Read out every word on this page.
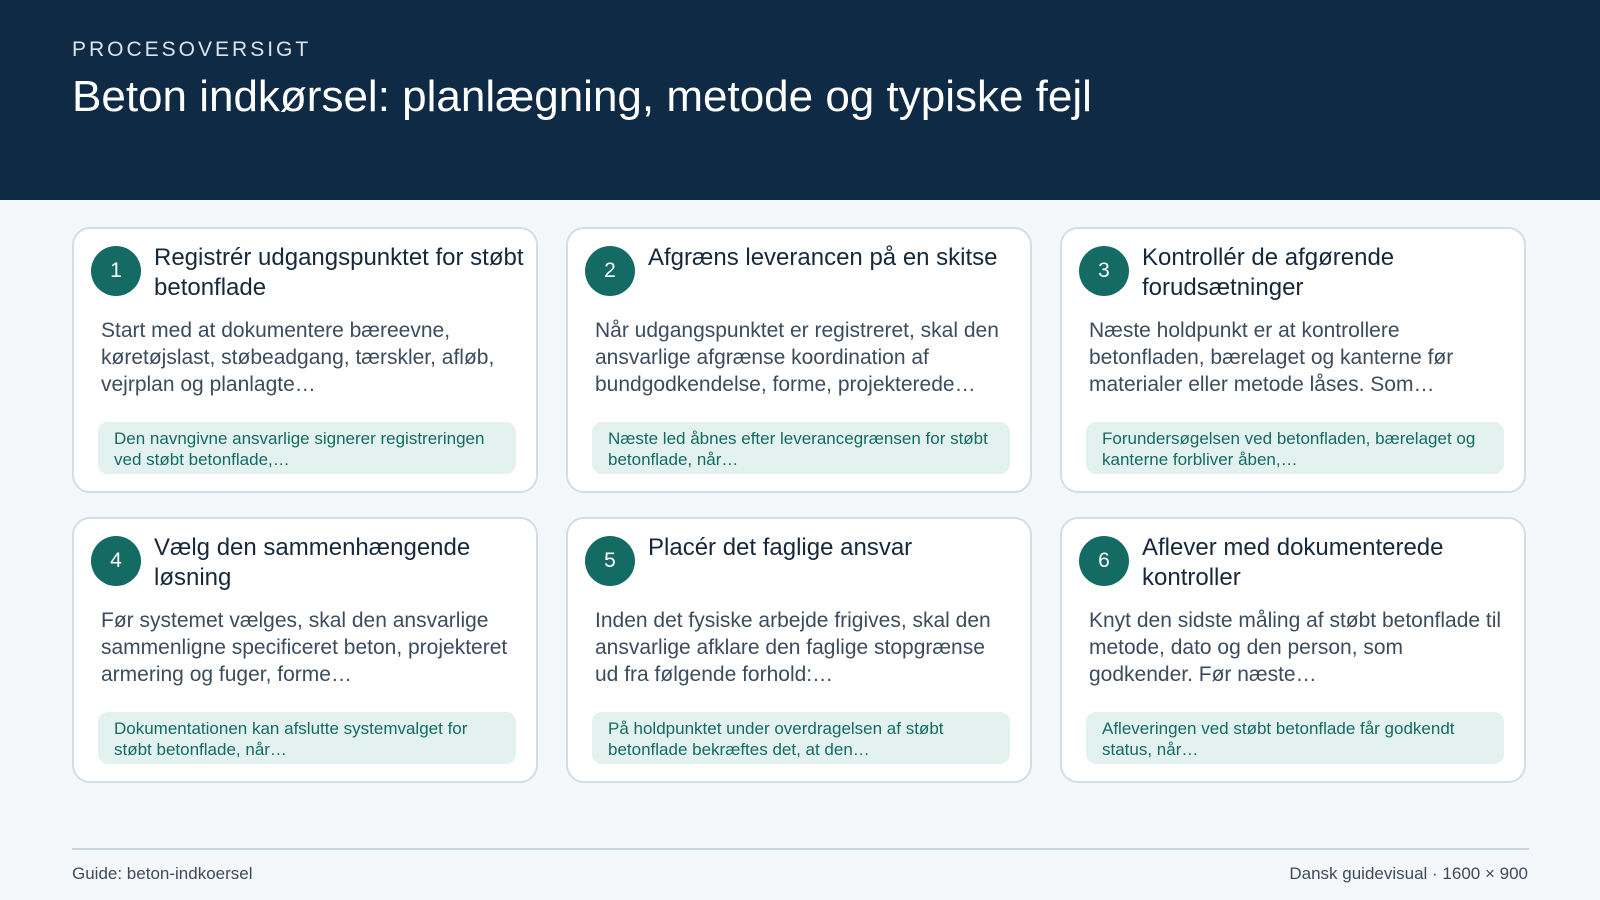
PROCESOVERSIGT
Beton indkørsel: planlægning, metode og typiske fejl
1	Registrér udgangspunktet for støbt betonflade
Start med at dokumentere bæreevne, køretøjslast, støbeadgang, tærskler, afløb, vejrplan og planlagte…
Den navngivne ansvarlige signerer registreringen ved støbt betonflade,…
2	Afgræns leverancen på en skitse
Når udgangspunktet er registreret, skal den ansvarlige afgrænse koordination af bundgodkendelse, forme, projekterede…
Næste led åbnes efter leverancegrænsen for støbt betonflade, når…
3	Kontrollér de afgørende forudsætninger
Næste holdpunkt er at kontrollere betonfladen, bærelaget og kanterne før materialer eller metode låses. Som…
Forundersøgelsen ved betonfladen, bærelaget og kanterne forbliver åben,…
4	Vælg den sammenhængende løsning
Før systemet vælges, skal den ansvarlige sammenligne specificeret beton, projekteret armering og fuger, forme…
Dokumentationen kan afslutte systemvalget for støbt betonflade, når…
5	Placér det faglige ansvar
Inden det fysiske arbejde frigives, skal den ansvarlige afklare den faglige stopgrænse ud fra følgende forhold:…
På holdpunktet under overdragelsen af støbt betonflade bekræftes det, at den…
6	Aflever med dokumenterede kontroller
Knyt den sidste måling af støbt betonflade til metode, dato og den person, som godkender. Før næste…
Afleveringen ved støbt betonflade får godkendt status, når…
Guide: beton-indkoersel	Dansk guidevisual · 1600 × 900
